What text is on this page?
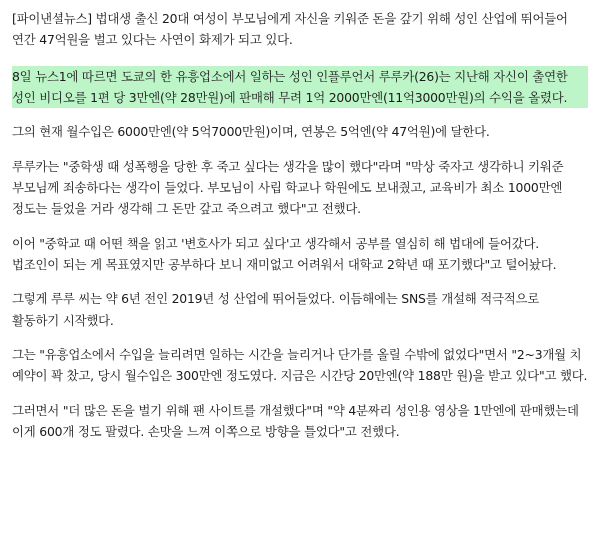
[파이낸셜뉴스] 법대생 출신 20대 여성이 부모님에게 자신을 키워준 돈을 갚기 위해 성인 산업에 뛰어들어 연간 47억원을 벌고 있다는 사연이 화제가 되고 있다.

8일 뉴스1에 따르면 도쿄의 한 유흥업소에서 일하는 성인 인플루언서 루루카(26)는 지난해 자신이 출연한 성인 비디오를 1편 당 3만엔(약 28만원)에 판매해 무려 1억 2000만엔(11억3000만원)의 수익을 올렸다.

그의 현재 월수입은 6000만엔(약 5억7000만원)이며, 연봉은 5억엔(약 47억원)에 달한다.

루루카는 "중학생 때 성폭행을 당한 후 죽고 싶다는 생각을 많이 했다"라며 "막상 죽자고 생각하니 키워준 부모님께 죄송하다는 생각이 들었다. 부모님이 사립 학교나 학원에도 보내줬고, 교육비가 최소 1000만엔 정도는 들었을 거라 생각해 그 돈만 갚고 죽으려고 했다"고 전했다.

이어 "중학교 때 어떤 책을 읽고 '변호사가 되고 싶다'고 생각해서 공부를 열심히 해 법대에 들어갔다. 법조인이 되는 게 목표였지만 공부하다 보니 재미없고 어려워서 대학교 2학년 때 포기했다"고 털어놨다.

그렇게 루루 씨는 약 6년 전인 2019년 성 산업에 뛰어들었다. 이듬해에는 SNS를 개설해 적극적으로 활동하기 시작했다.

그는 "유흥업소에서 수입을 늘리려면 일하는 시간을 늘리거나 단가를 올릴 수밖에 없었다"면서 "2~3개월 치 예약이 꽉 찼고, 당시 월수입은 300만엔 정도였다. 지금은 시간당 20만엔(약 188만 원)을 받고 있다"고 했다.

그러면서 "더 많은 돈을 벌기 위해 팬 사이트를 개설했다"며 "약 4분짜리 성인용 영상을 1만엔에 판매했는데 이게 600개 정도 팔렸다. 손맛을 느껴 이쪽으로 방향을 틀었다"고 전했다.
